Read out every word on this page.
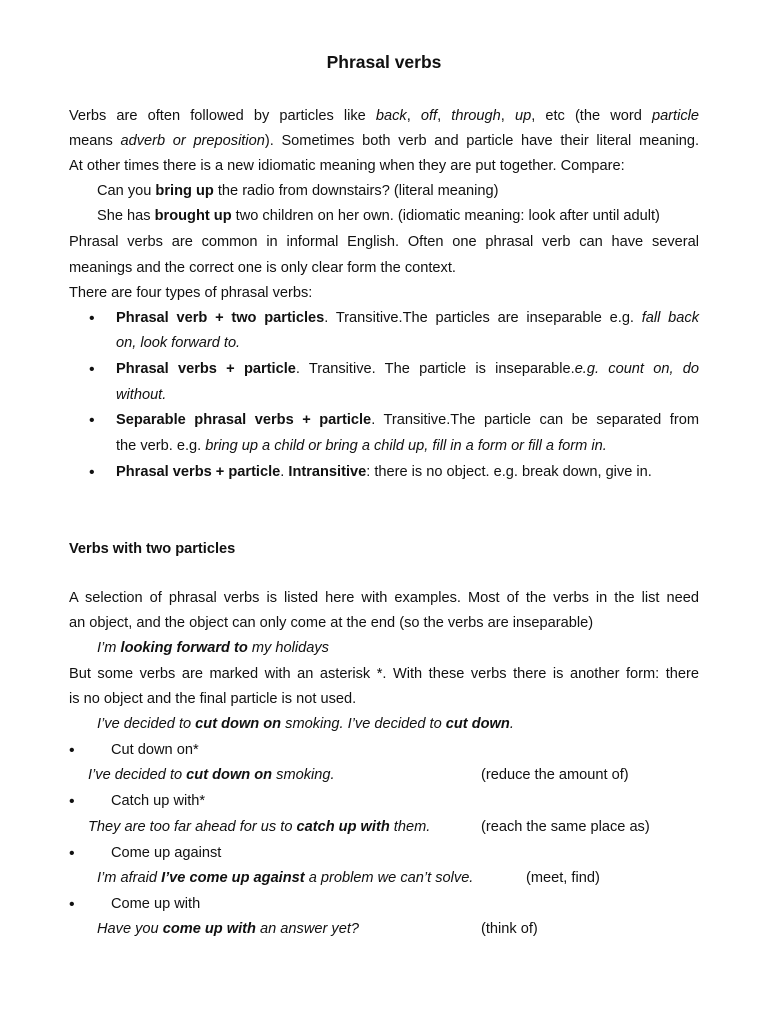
Phrasal verbs
Verbs are often followed by particles like back, off, through, up, etc (the word particle
means adverb or preposition). Sometimes both verb and particle have their literal meaning.
At other times there is a new idiomatic meaning when they are put together. Compare:
Can you bring up the radio from downstairs? (literal meaning)
She has brought up two children on her own. (idiomatic meaning: look after until adult)
Phrasal verbs are common in informal English. Often one phrasal verb can have several
meanings and the correct one is only clear form the context.
There are four types of phrasal verbs:
• Phrasal verb + two particles. Transitive.The particles are inseparable e.g. fall back
on, look forward to.
• Phrasal verbs + particle. Transitive. The particle is inseparable.e.g. count on, do
without.
• Separable phrasal verbs + particle. Transitive.The particle can be separated from
the verb. e.g. bring up a child or bring a child up, fill in a form or fill a form in.
• Phrasal verbs + particle. Intransitive: there is no object. e.g. break down, give in.
Verbs with two particles
A selection of phrasal verbs is listed here with examples. Most of the verbs in the list need
an object, and the object can only come at the end (so the verbs are inseparable)
I’m looking forward to my holidays
But some verbs are marked with an asterisk *. With these verbs there is another form: there
is no object and the final particle is not used.
I’ve decided to cut down on smoking. I’ve decided to cut down.
• Cut down on*
I’ve decided to cut down on smoking.	(reduce the amount of)
• Catch up with*
They are too far ahead for us to catch up with them.	(reach the same place as)
• Come up against
I’m afraid I’ve come up against a problem we can’t solve.	(meet, find)
• Come up with
Have you come up with an answer yet?	(think of)
